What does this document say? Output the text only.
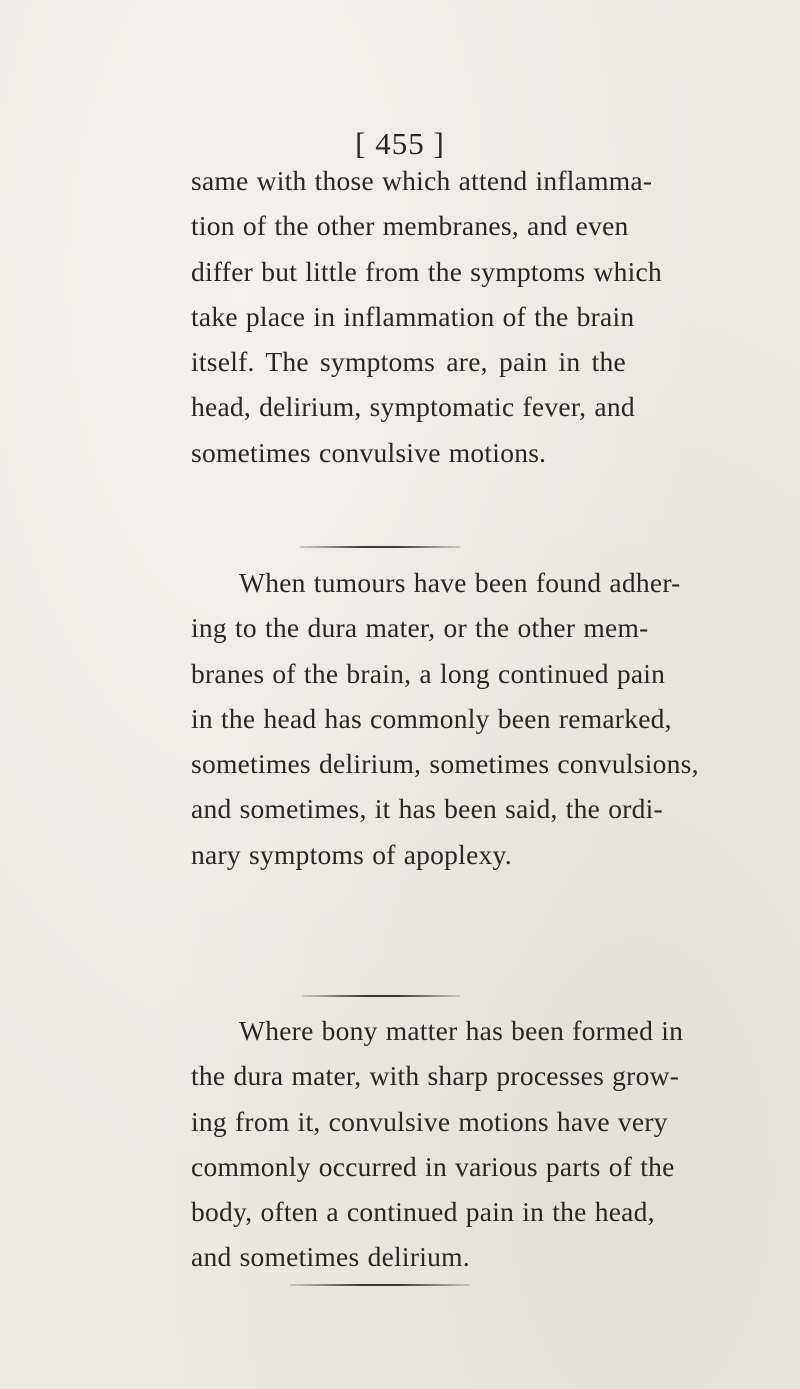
[ 455 ]

same with those which attend inflamma-
tion of the other membranes, and even
differ but little from the symptoms which
take place in inflammation of the brain
itself. The symptoms are, pain in the
head, delirium, symptomatic fever, and
sometimes convulsive motions.

When tumours have been found adher-
ing to the dura mater, or the other mem-
branes of the brain, a long continued pain
in the head has commonly been remarked,
sometimes delirium, sometimes convulsions,
and sometimes, it has been said, the ordi-
nary symptoms of apoplexy.

Where bony matter has been formed in
the dura mater, with sharp processes grow-
ing from it, convulsive motions have very
commonly occurred in various parts of the
body, often a continued pain in the head,
and sometimes delirium.
